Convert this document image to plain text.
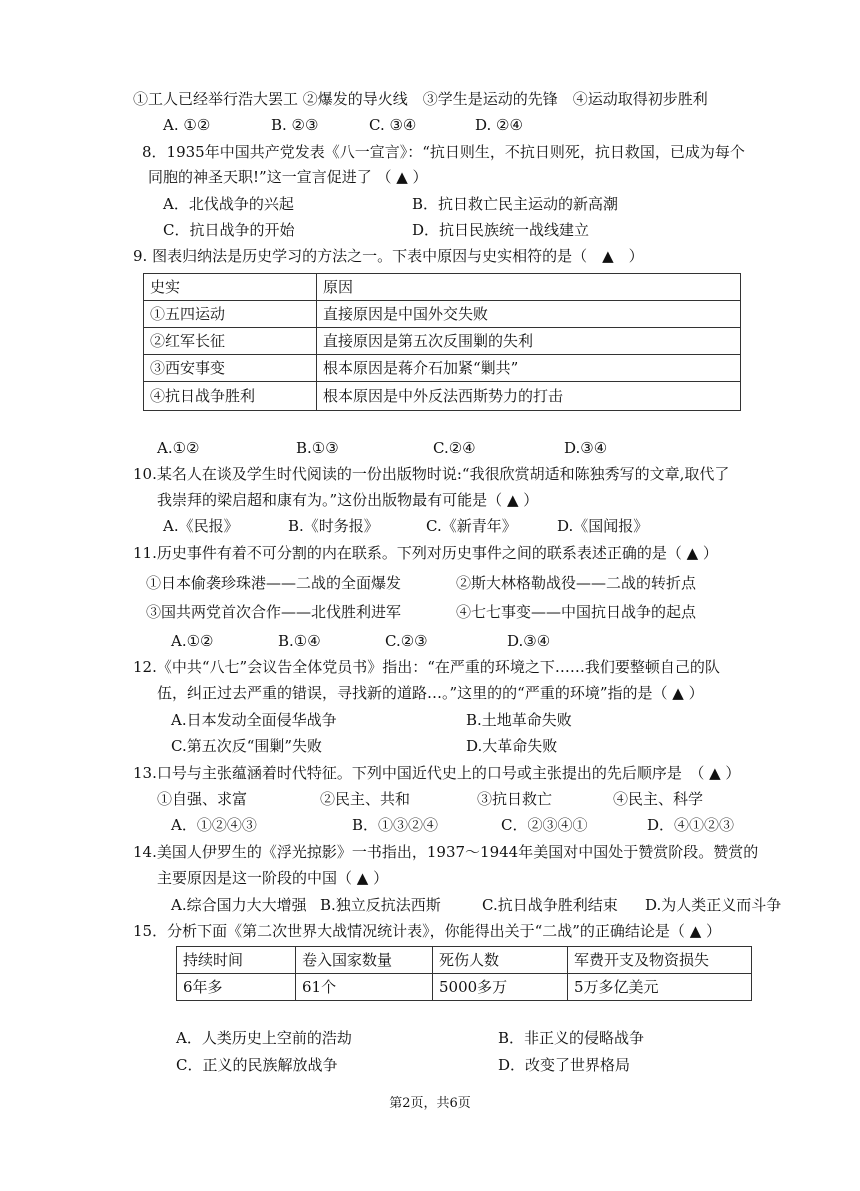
①工人已经举行浩大罢工 ②爆发的导火线　③学生是运动的先锋　④运动取得初步胜利
A. ①②	B. ②③	C. ③④	D. ②④
8．1935年中国共产党发表《八一宣言》：“抗日则生，不抗日则死，抗日救国，已成为每个
同胞的神圣天职!”这一宣言促进了 （ ▲ ）
A．北伐战争的兴起	B．抗日救亡民主运动的新高潮
C．抗日战争的开始	D．抗日民族统一战线建立
9. 图表归纳法是历史学习的方法之一。下表中原因与史实相符的是（　▲　）
史实	原因
①五四运动	直接原因是中国外交失败
②红军长征	直接原因是第五次反围剿的失利
③西安事变	根本原因是蒋介石加紧“剿共”
④抗日战争胜利	根本原因是中外反法西斯势力的打击
A.①②	B.①③	C.②④	D.③④
10.某名人在谈及学生时代阅读的一份出版物时说:“我很欣赏胡适和陈独秀写的文章,取代了
我崇拜的梁启超和康有为。”这份出版物最有可能是（ ▲ ）
A.《民报》	B.《时务报》	C.《新青年》	D.《国闻报》
11.历史事件有着不可分割的内在联系。下列对历史事件之间的联系表述正确的是（ ▲ ）
①日本偷袭珍珠港——二战的全面爆发	②斯大林格勒战役——二战的转折点
③国共两党首次合作——北伐胜利进军	④七七事变——中国抗日战争的起点
A.①②	B.①④	C.②③	D.③④
12.《中共“八七”会议告全体党员书》指出：“在严重的环境之下……我们要整顿自己的队
伍，纠正过去严重的错误，寻找新的道路…。”这里的的“严重的环境”指的是（ ▲ ）
A.日本发动全面侵华战争	B.土地革命失败
C.第五次反“围剿”失败	D.大革命失败
13.口号与主张蕴涵着时代特征。下列中国近代史上的口号或主张提出的先后顺序是　（ ▲ ）
①自强、求富	②民主、共和	③抗日救亡	④民主、科学
A．①②④③	B．①③②④	C．②③④①	D．④①②③
14.美国人伊罗生的《浮光掠影》一书指出，1937～1944年美国对中国处于赞赏阶段。赞赏的
主要原因是这一阶段的中国（ ▲ ）
A.综合国力大大增强 B.独立反抗法西斯	C.抗日战争胜利结束 D.为人类正义而斗争
15．分析下面《第二次世界大战情况统计表》，你能得出关于“二战”的正确结论是（ ▲ ）
持续时间	卷入国家数量	死伤人数	军费开支及物资损失
6年多	61个	5000多万	5万多亿美元
A．人类历史上空前的浩劫	B．非正义的侵略战争
C．正义的民族解放战争	D．改变了世界格局
第2页，共6页
